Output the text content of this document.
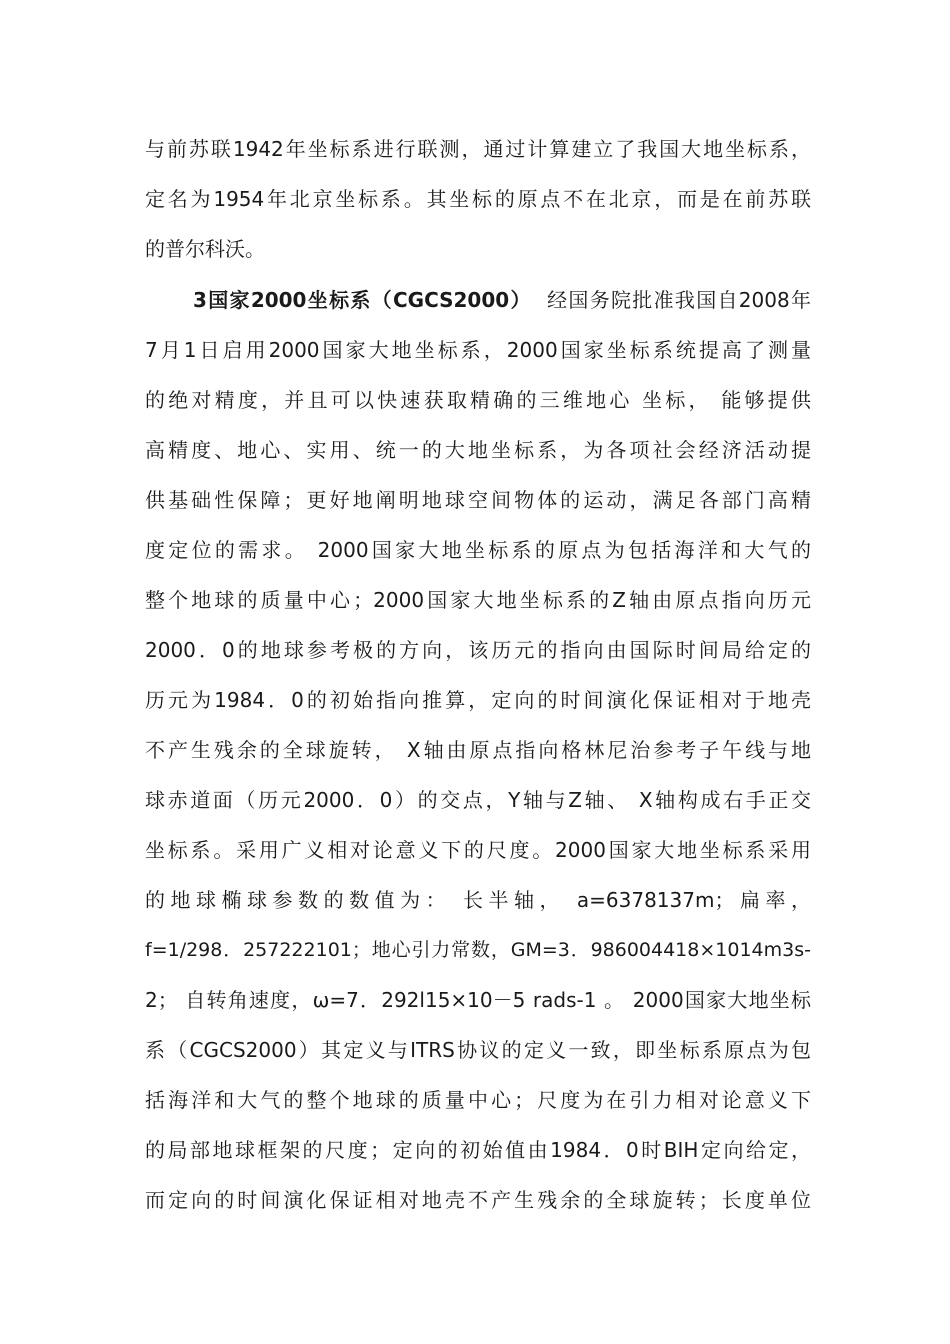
与前苏联1942年坐标系进行联测，通过计算建立了我国大地坐标系，
定名为1954年北京坐标系。其坐标的原点不在北京，而是在前苏联
的普尔科沃。
3国家2000坐标系（CGCS2000） 经国务院批准我国自2008年
7月1日启用2000国家大地坐标系，2000国家坐标系统提高了测量
的绝对精度，并且可以快速获取精确的三维地心 坐标， 能够提供
高精度、地心、实用、统一的大地坐标系，为各项社会经济活动提
供基础性保障；更好地阐明地球空间物体的运动，满足各部门高精
度定位的需求。 2000国家大地坐标系的原点为包括海洋和大气的
整个地球的质量中心；2000国家大地坐标系的Z轴由原点指向历元
2000．0的地球参考极的方向，该历元的指向由国际时间局给定的
历元为1984．0的初始指向推算，定向的时间演化保证相对于地壳
不产生残余的全球旋转， X轴由原点指向格林尼治参考子午线与地
球赤道面（历元2000．0）的交点，Y轴与Z轴、 X轴构成右手正交
坐标系。采用广义相对论意义下的尺度。2000国家大地坐标系采用
的地球椭球参数的数值为： 长半轴， a=6378137m；扁率，
f=1/298．257222101；地心引力常数，GM=3．986004418×1014m3s-
2； 自转角速度，ω=7．292l15×10－5 rads-1 。 2000国家大地坐标
系（CGCS2000）其定义与ITRS协议的定义一致，即坐标系原点为包
括海洋和大气的整个地球的质量中心；尺度为在引力相对论意义下
的局部地球框架的尺度；定向的初始值由1984．0时BIH定向给定，
而定向的时间演化保证相对地壳不产生残余的全球旋转；长度单位
